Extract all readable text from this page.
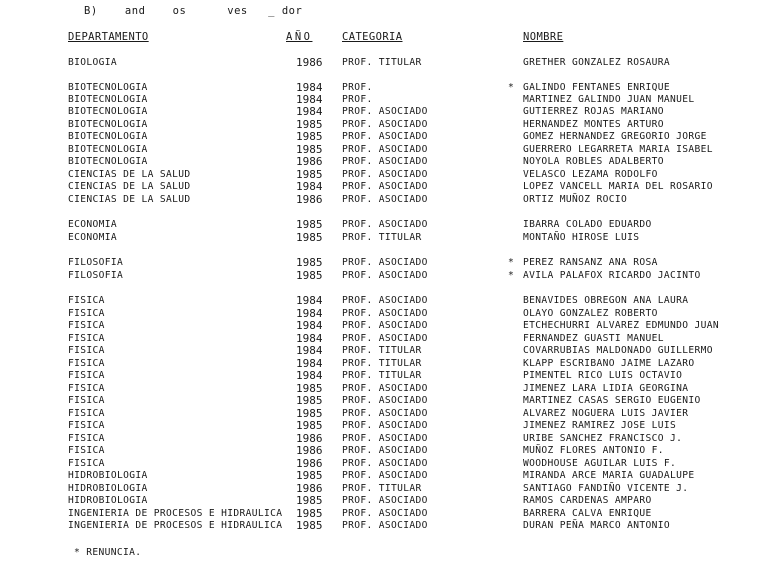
B)    and    os      ves   _ dor
DEPARTAMENTO	AÑO	CATEGORIA	NOMBRE
BIOLOGIA	1986 PROF. TITULAR	GRETHER GONZALEZ ROSAURA
BIOTECNOLOGIA	1984 PROF.	* GALINDO FENTANES ENRIQUE
BIOTECNOLOGIA	1984 PROF.	MARTINEZ GALINDO JUAN MANUEL
BIOTECNOLOGIA	1984 PROF. ASOCIADO	GUTIERREZ ROJAS MARIANO
BIOTECNOLOGIA	1985 PROF. ASOCIADO	HERNANDEZ MONTES ARTURO
BIOTECNOLOGIA	1985 PROF. ASOCIADO	GOMEZ HERNANDEZ GREGORIO JORGE
BIOTECNOLOGIA	1985 PROF. ASOCIADO	GUERRERO LEGARRETA MARIA ISABEL
BIOTECNOLOGIA	1986 PROF. ASOCIADO	NOYOLA ROBLES ADALBERTO
CIENCIAS DE LA SALUD	1985 PROF. ASOCIADO	VELASCO LEZAMA RODOLFO
CIENCIAS DE LA SALUD	1984 PROF. ASOCIADO	LOPEZ VANCELL MARIA DEL ROSARIO
CIENCIAS DE LA SALUD	1986 PROF. ASOCIADO	ORTIZ MUÑOZ ROCIO
ECONOMIA	1985 PROF. ASOCIADO	IBARRA COLADO EDUARDO
ECONOMIA	1985 PROF. TITULAR	MONTAÑO HIROSE LUIS
FILOSOFIA	1985 PROF. ASOCIADO	* PEREZ RANSANZ ANA ROSA
FILOSOFIA	1985 PROF. ASOCIADO	* AVILA PALAFOX RICARDO JACINTO
FISICA	1984 PROF. ASOCIADO	BENAVIDES OBREGON ANA LAURA
FISICA	1984 PROF. ASOCIADO	OLAYO GONZALEZ ROBERTO
FISICA	1984 PROF. ASOCIADO	ETCHECHURRI ALVAREZ EDMUNDO JUAN
FISICA	1984 PROF. ASOCIADO	FERNANDEZ GUASTI MANUEL
FISICA	1984 PROF. TITULAR	COVARRUBIAS MALDONADO GUILLERMO
FISICA	1984 PROF. TITULAR	KLAPP ESCRIBANO JAIME LAZARO
FISICA	1984 PROF. TITULAR	PIMENTEL RICO LUIS OCTAVIO
FISICA	1985 PROF. ASOCIADO	JIMENEZ LARA LIDIA GEORGINA
FISICA	1985 PROF. ASOCIADO	MARTINEZ CASAS SERGIO EUGENIO
FISICA	1985 PROF. ASOCIADO	ALVAREZ NOGUERA LUIS JAVIER
FISICA	1985 PROF. ASOCIADO	JIMENEZ RAMIREZ JOSE LUIS
FISICA	1986 PROF. ASOCIADO	URIBE SANCHEZ FRANCISCO J.
FISICA	1986 PROF. ASOCIADO	MUÑOZ FLORES ANTONIO F.
FISICA	1986 PROF. ASOCIADO	WOODHOUSE AGUILAR LUIS F.
HIDROBIOLOGIA	1985 PROF. ASOCIADO	MIRANDA ARCE MARIA GUADALUPE
HIDROBIOLOGIA	1986 PROF. TITULAR	SANTIAGO FANDIÑO VICENTE J.
HIDROBIOLOGIA	1985 PROF. ASOCIADO	RAMOS CARDENAS AMPARO
INGENIERIA DE PROCESOS E HIDRAULICA 1985 PROF. ASOCIADO	BARRERA CALVA ENRIQUE
INGENIERIA DE PROCESOS E HIDRAULICA 1985 PROF. ASOCIADO	DURAN PEÑA MARCO ANTONIO
* RENUNCIA.
